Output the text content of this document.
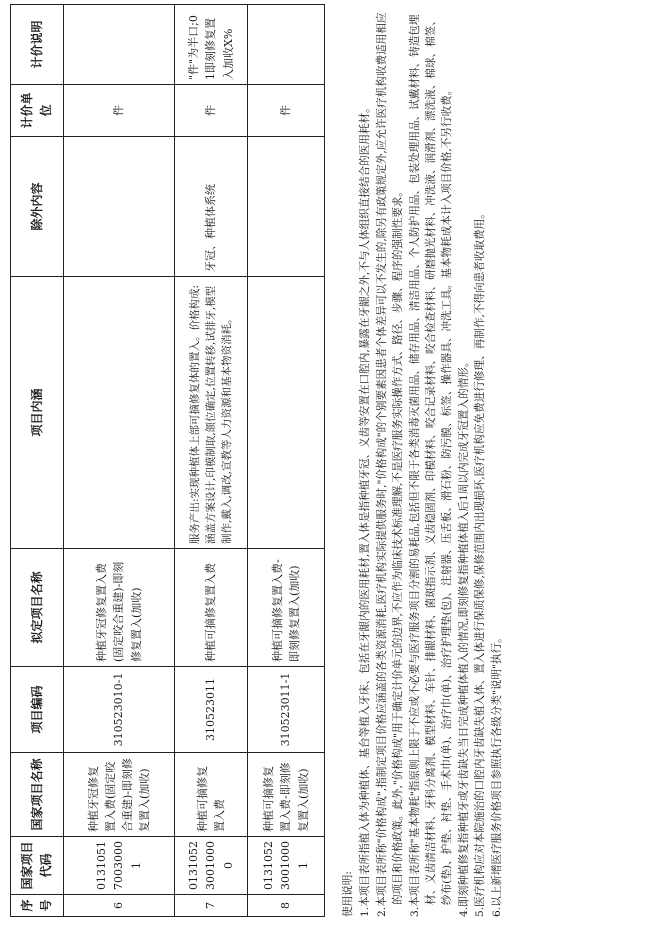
序号	国家项目代码	国家项目名称	项目编码	拟定项目名称	项目内涵	除外内容	计价单位	计价说明
6	013105170030001	种植牙冠修复置入费(固定咬合重建)-即刻修复置入(加收)	310523010-1	种植牙冠修复置入费(固定咬合重建)-即刻修复置入(加收)			件	
7	013105230010000	种植可摘修复置入费	310523011	种植可摘修复置入费	服务产出:实现种植体上部可摘修复体的置入。价格构成:涵盖方案设计,印模制取,颌位确定,位置转移,试排牙,模型制作,戴入,调改,宣教等人力资源和基本物资消耗。	牙冠、种植体系统	件	"件"为半口;01即刻修复置入加收X%
8	013105230010001	种植可摘修复置入费-即刻修复置入(加收)	310523011-1	种植可摘修复置入费-即刻修复置入(加收)			件	

使用说明: 1.本项目表所指植入体为种植体、基台等植入牙床、包括在牙龈内的医用耗材,置入体是指种植牙冠、义齿等安置在口腔内,暴露在牙龈之外,不与人体组织直接结合的医用耗材。 2.本项目表所称"价格构成",指制定项目价格应涵盖的各类资源消耗,医疗机构实际提供服务时,"价格构成"的个别要素因患者个体差异可以不发生的,除另有政策规定外,应允许医疗机构收费适用相应的项目和价格政策。此外,"价格构成"用于确定计价单元的边界,不应作为临床技术标准理解,不是医疗服务实际操作方式、路径、步骤、程序的强制性要求。 3.本项目表所称"基本物耗"指原则上限于不应或不必要与医疗服务项目分割的易耗品,包括但不限于各类消毒灭菌用品、储存用品、清洁用品、个人防护用品、包装处理用品、试戴材料、铸造包埋材、义齿清洁材料、牙科分离剂、模型材料、车针、排龈材料、菌斑指示剂、义齿稳固剂、印模材料、咬合记录材料、咬合检查材料、研磨抛光材料、冲洗液、润滑剂、漂洗液、棉球、棉签、纱布(垫)、护垫、衬垫、手术巾(单)、治疗巾(单)、治疗护理垫(包)、注射器、压舌板、滑石粉、防污膜、标签、操作器具、冲洗工具。基本物耗成本计入项目价格,不另行收费。 4.即刻种植修复指种植牙或牙齿缺失当日完成种植体植入的情况,即刻修复指种植体植入后1周以内完成牙冠置入的情形。 5.医疗机构应对本院施治的口腔内牙齿缺失植入体、置入体进行保质保修,保修范围内出现损坏,医疗机构应免费进行修理、再制作,不得向患者收取费用。 6.以上新增医疗服务价格项目参照执行各级分类"说明"执行。
